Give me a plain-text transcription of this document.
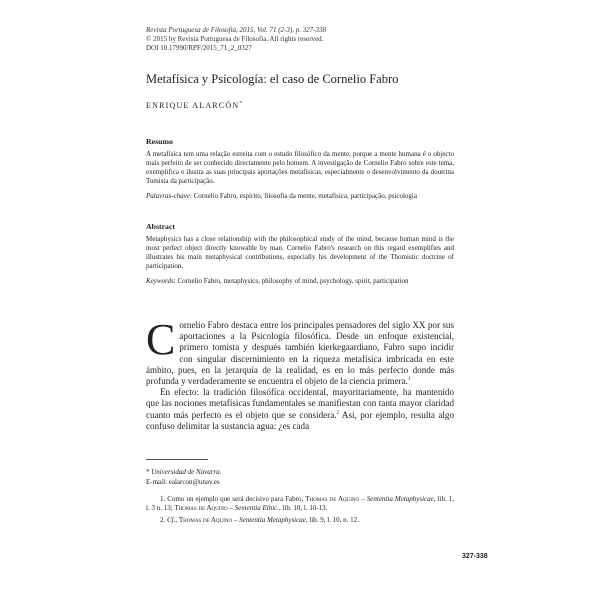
Revista Portuguesa de Filosofia, 2015, Vol. 71 (2-3), p. 327-338
© 2015 by Revista Portuguesa de Filosofia. All rights reserved.
DOI 10.17990/RPF/2015_71_2_0327
Metafísica y Psicología: el caso de Cornelio Fabro
ENRIQUE ALARCÓN*

Resumo

A metafísica tem uma relação estreita com o estudo filosófico da mente, porque a mente humana é o objecto mais perfeito de ser conhecido directamente pelo homem. A investigação de Cornelio Fabro sobre este tema, exemplifica e ilustra as suas principais aportações metafísicas, especialmente o desenvolvimento da doutrina Tomista da participação.

Palavras-chave: Cornelio Fabro, espírito, filosofia da mente, metafísica, participação, psicologia

Abstract

Metaphysics has a close relationship with the philosophical study of the mind, because human mind is the most perfect object directly knowable by man. Cornelio Fabro's research on this regard exemplifies and illustrates his main metaphysical contributions, especially his development of the Thomistic doctrine of participation.

Keywords: Cornelio Fabro, metaphysics, philosophy of mind, psychology, spirit, participation

Cornelio Fabro destaca entre los principales pensadores del siglo XX por sus aportaciones a la Psicología filosófica. Desde un enfoque existencial, primero tomista y después también kierkegaardiano, Fabro supo incidir con singular discernimiento en la riqueza metafísica imbricada en este ámbito, pues, en la jerarquía de la realidad, es en lo más perfecto donde más profunda y verdaderamente se encuentra el objeto de la ciencia primera.$^1$

En efecto: la tradición filosófica occidental, mayoritariamente, ha mantenido que las nociones metafísicas fundamentales se manifiestan con tanta mayor claridad cuanto más perfecto es el objeto que se considera.$^2$ Así, por ejemplo, resulta algo confuso delimitar la sustancia agua: ¿es cada

* Universidad de Navarra.
E-mail: ealarcon@unav.es

1. Como un ejemplo que será decisivo para Fabro, Thomas de Aquino – Sententia Metaphysicae, lib. 1, l. 3 n. 13; Thomas de Aquino – Sententia Ethic., lib. 10, l. 10-13.

2. Cf., Thomas de Aquino – Sententia Metaphysicae, lib. 9, l. 10, n. 12.

327-338
